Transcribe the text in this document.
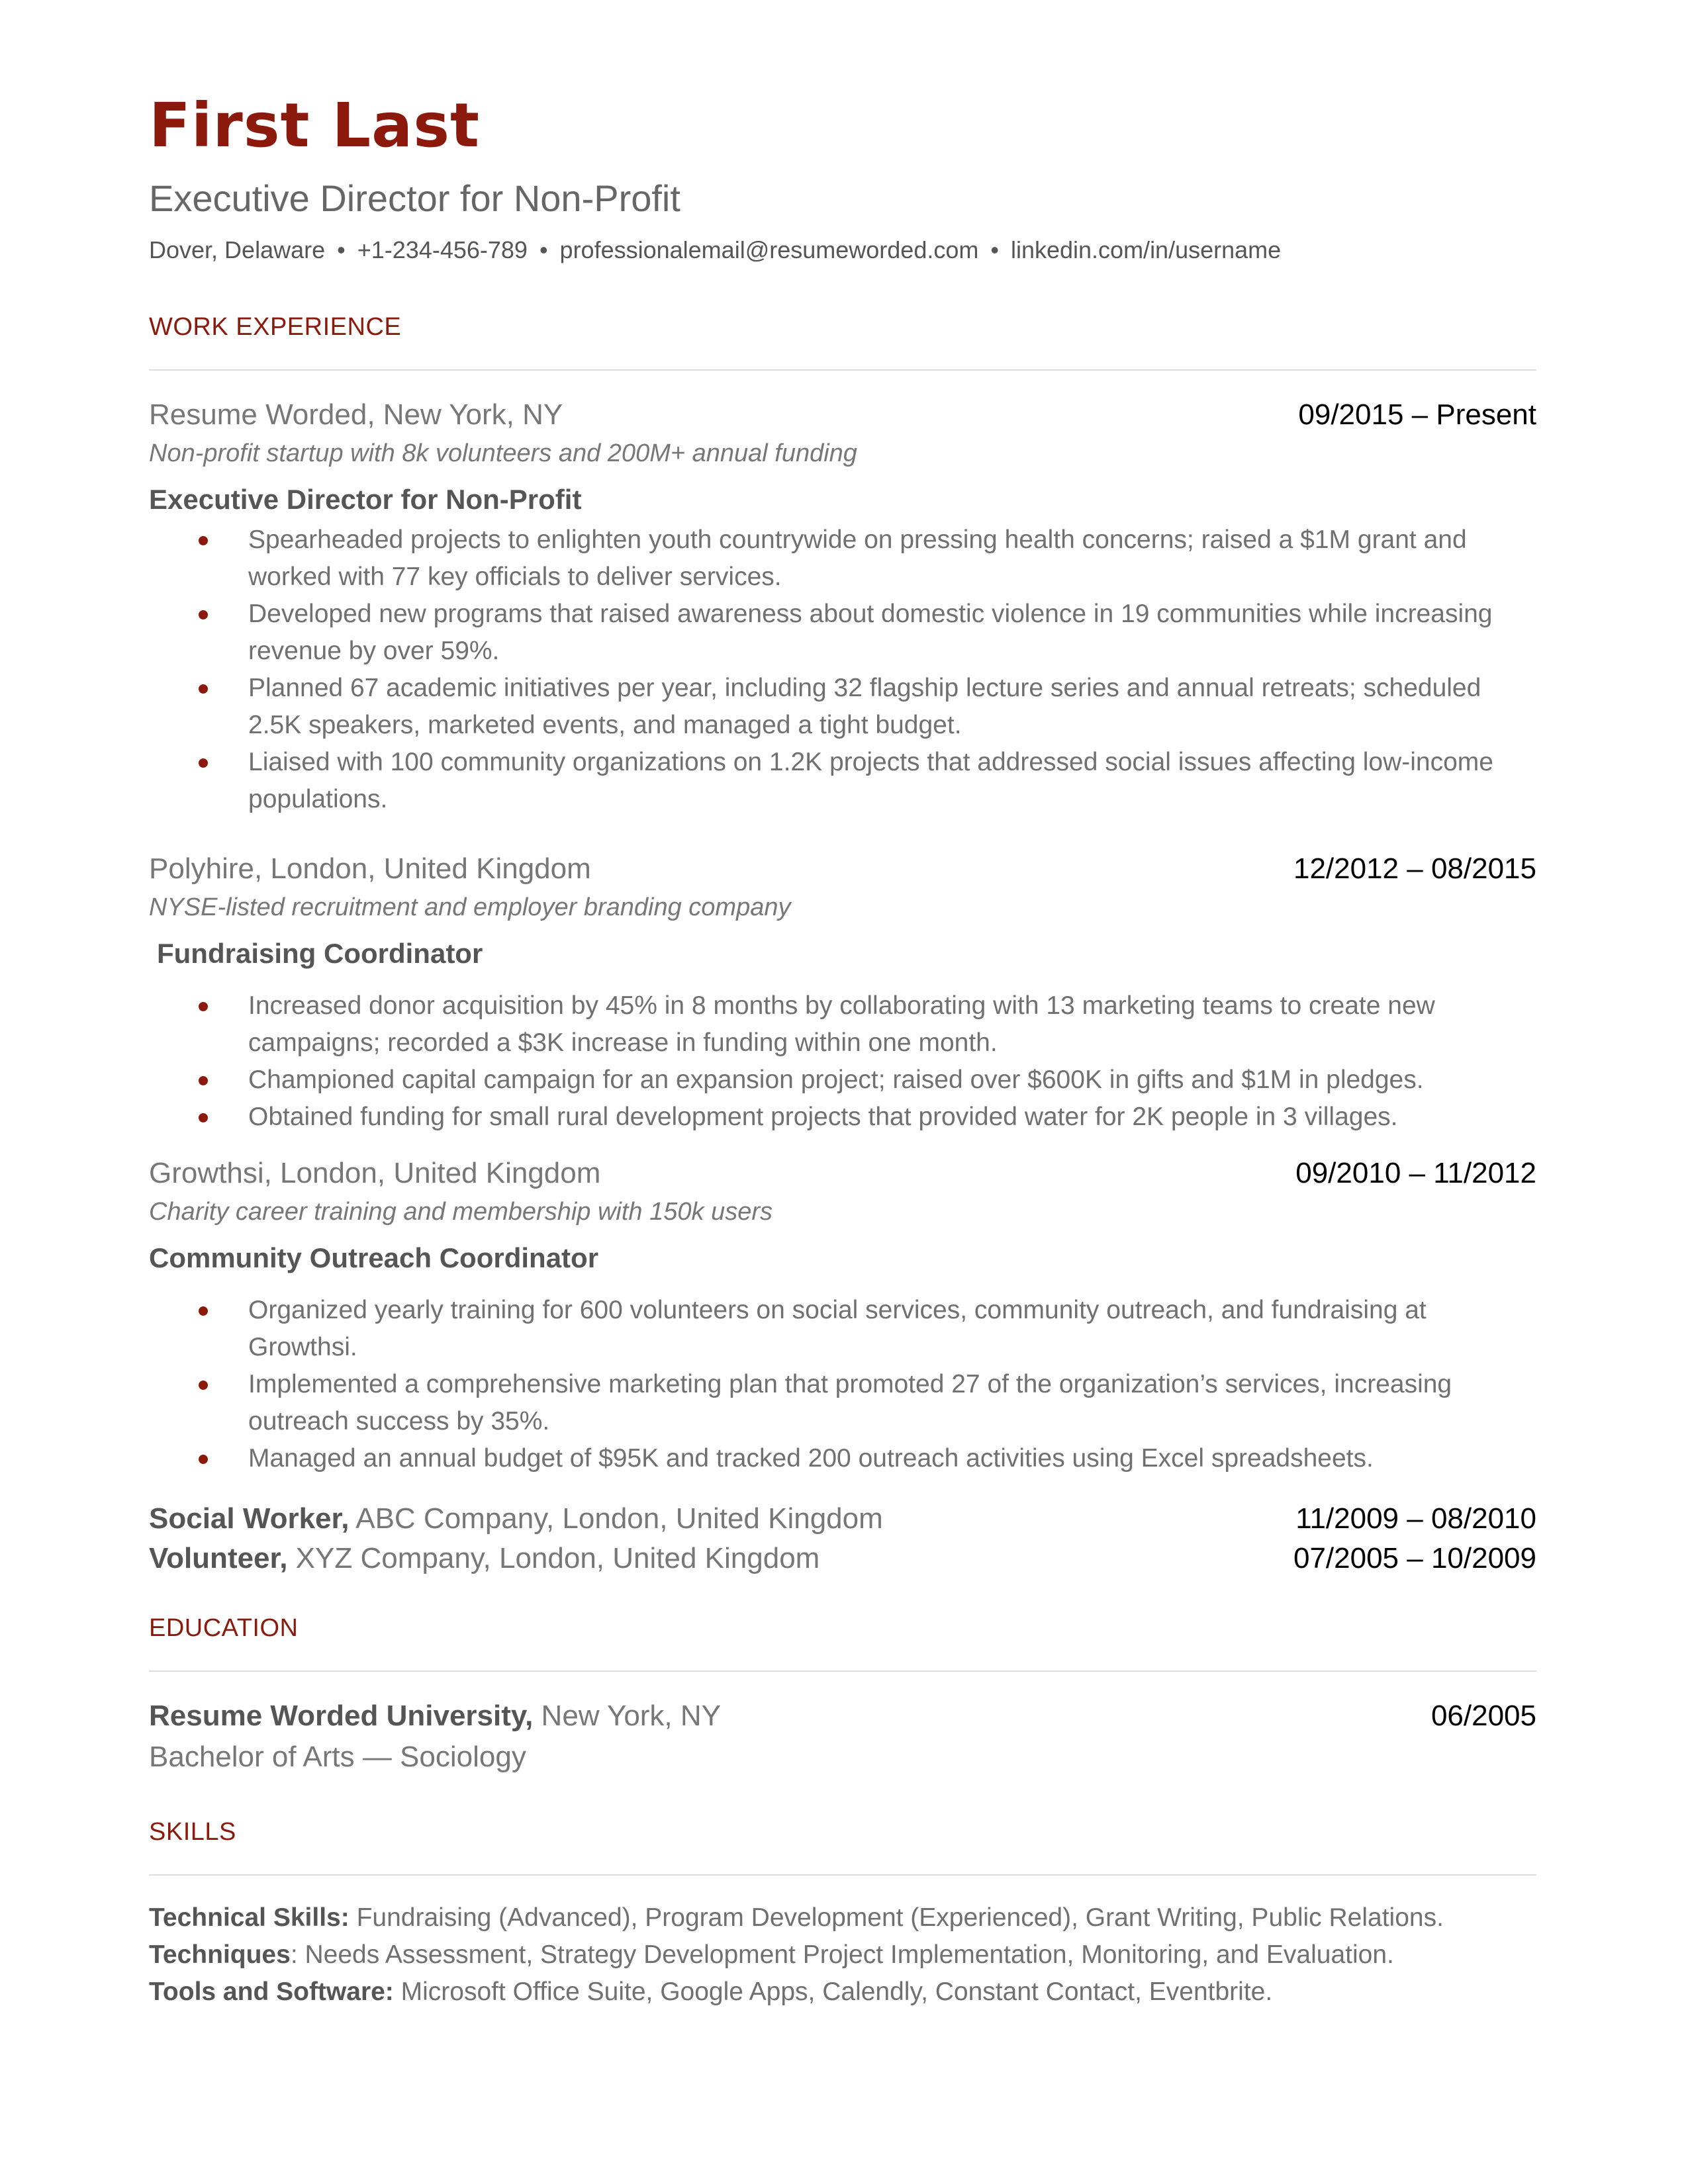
First Last
Executive Director for Non-Profit
Dover, Delaware • +1-234-456-789 • professionalemail@resumeworded.com • linkedin.com/in/username
WORK EXPERIENCE
Resume Worded, New York, NY	09/2015 – Present
Non-profit startup with 8k volunteers and 200M+ annual funding
Executive Director for Non-Profit
Spearheaded projects to enlighten youth countrywide on pressing health concerns; raised a $1M grant and worked with 77 key officials to deliver services.
Developed new programs that raised awareness about domestic violence in 19 communities while increasing revenue by over 59%.
Planned 67 academic initiatives per year, including 32 flagship lecture series and annual retreats; scheduled 2.5K speakers, marketed events, and managed a tight budget.
Liaised with 100 community organizations on 1.2K projects that addressed social issues affecting low-income populations.
Polyhire, London, United Kingdom	12/2012 – 08/2015
NYSE-listed recruitment and employer branding company
Fundraising Coordinator
Increased donor acquisition by 45% in 8 months by collaborating with 13 marketing teams to create new campaigns; recorded a $3K increase in funding within one month.
Championed capital campaign for an expansion project; raised over $600K in gifts and $1M in pledges.
Obtained funding for small rural development projects that provided water for 2K people in 3 villages.
Growthsi, London, United Kingdom	09/2010 – 11/2012
Charity career training and membership with 150k users
Community Outreach Coordinator
Organized yearly training for 600 volunteers on social services, community outreach, and fundraising at Growthsi.
Implemented a comprehensive marketing plan that promoted 27 of the organization’s services, increasing outreach success by 35%.
Managed an annual budget of $95K and tracked 200 outreach activities using Excel spreadsheets.
Social Worker, ABC Company, London, United Kingdom	11/2009 – 08/2010
Volunteer, XYZ Company, London, United Kingdom	07/2005 – 10/2009
EDUCATION
Resume Worded University, New York, NY	06/2005
Bachelor of Arts — Sociology
SKILLS
Technical Skills: Fundraising (Advanced), Program Development (Experienced), Grant Writing, Public Relations.
Techniques: Needs Assessment, Strategy Development Project Implementation, Monitoring, and Evaluation.
Tools and Software: Microsoft Office Suite, Google Apps, Calendly, Constant Contact, Eventbrite.
